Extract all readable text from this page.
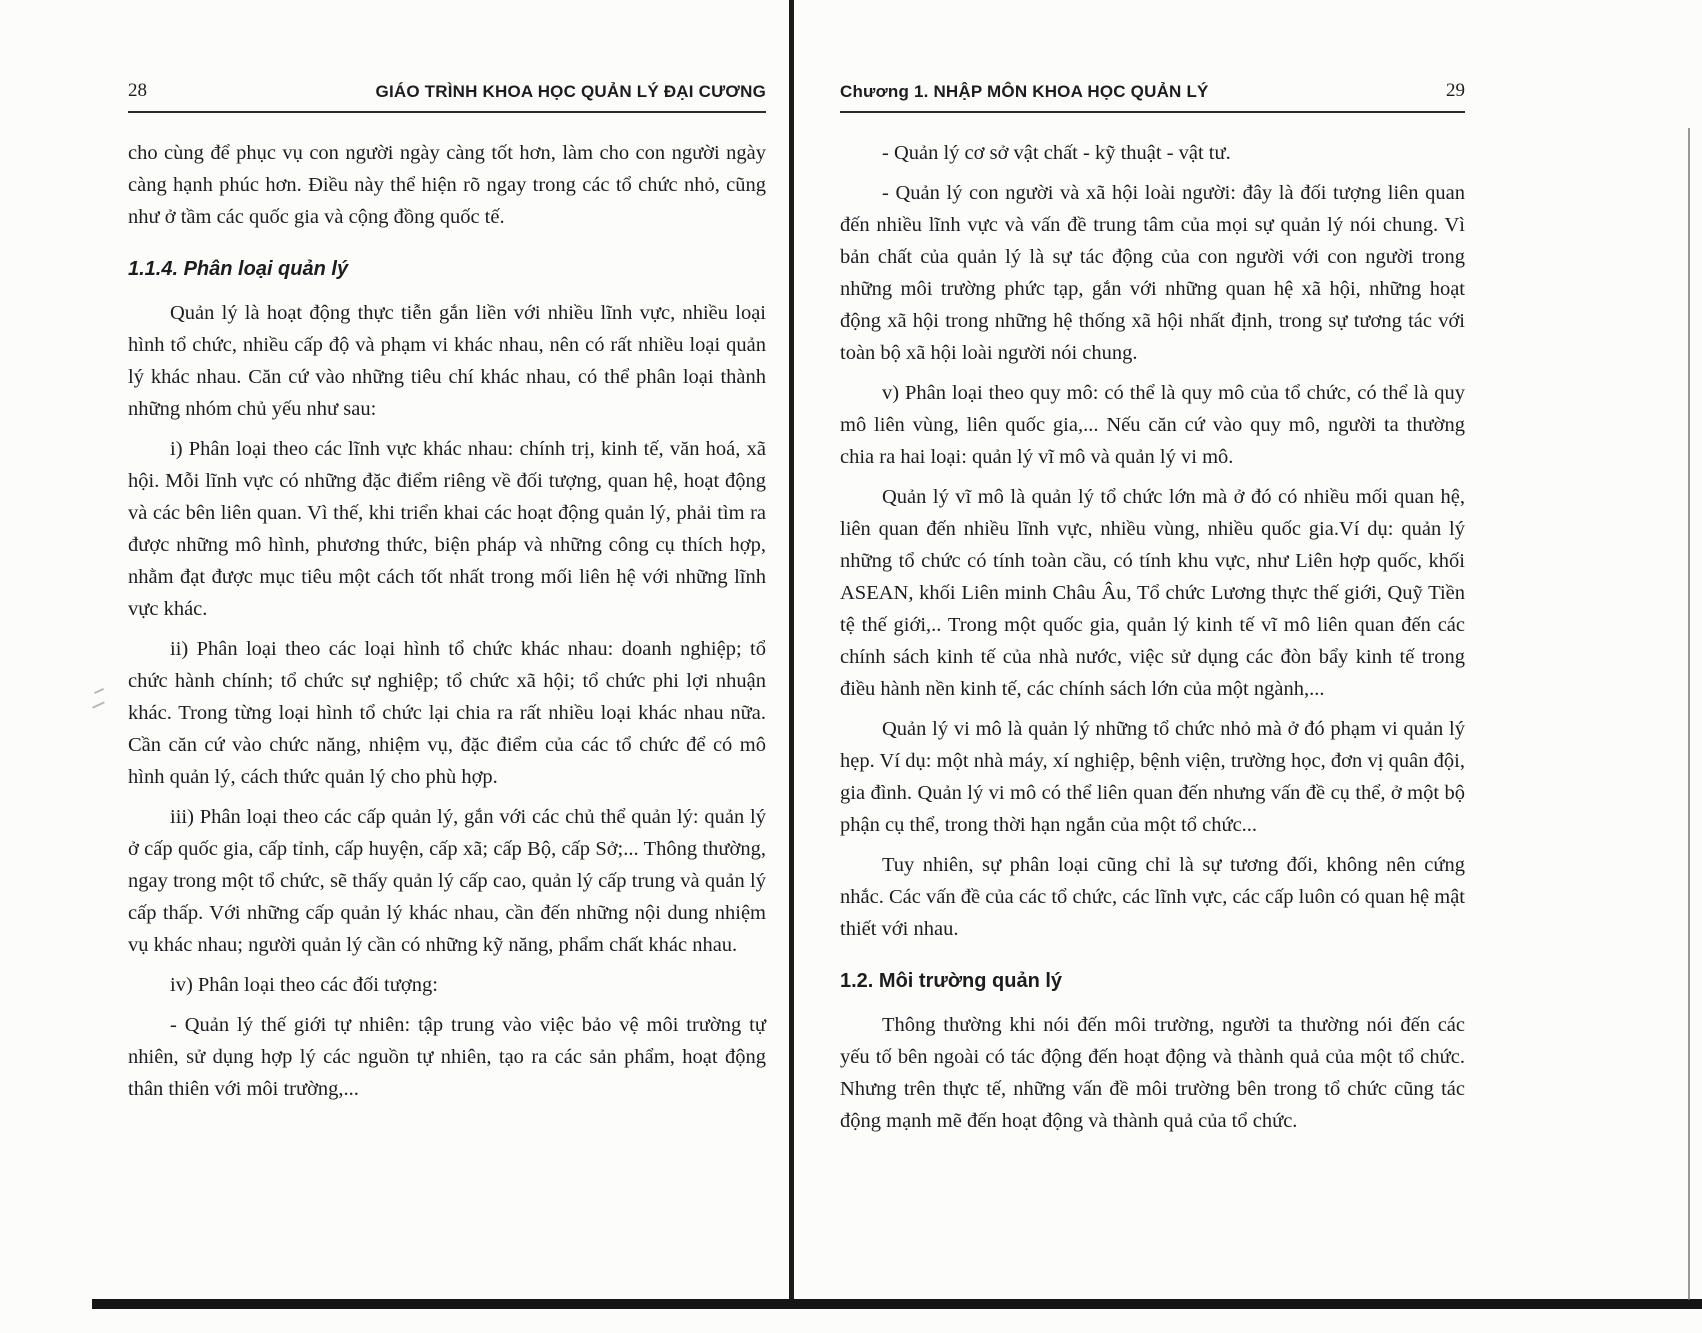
28	GIÁO TRÌNH KHOA HỌC QUẢN LÝ ĐẠI CƯƠNG

cho cùng để phục vụ con người ngày càng tốt hơn, làm cho con người ngày càng hạnh phúc hơn. Điều này thể hiện rõ ngay trong các tổ chức nhỏ, cũng như ở tầm các quốc gia và cộng đồng quốc tế.

1.1.4. Phân loại quản lý

Quản lý là hoạt động thực tiễn gắn liền với nhiều lĩnh vực, nhiều loại hình tổ chức, nhiều cấp độ và phạm vi khác nhau, nên có rất nhiều loại quản lý khác nhau. Căn cứ vào những tiêu chí khác nhau, có thể phân loại thành những nhóm chủ yếu như sau:

i) Phân loại theo các lĩnh vực khác nhau: chính trị, kinh tế, văn hoá, xã hội. Mỗi lĩnh vực có những đặc điểm riêng về đối tượng, quan hệ, hoạt động và các bên liên quan. Vì thế, khi triển khai các hoạt động quản lý, phải tìm ra được những mô hình, phương thức, biện pháp và những công cụ thích hợp, nhằm đạt được mục tiêu một cách tốt nhất trong mối liên hệ với những lĩnh vực khác.

ii) Phân loại theo các loại hình tổ chức khác nhau: doanh nghiệp; tổ chức hành chính; tổ chức sự nghiệp; tổ chức xã hội; tổ chức phi lợi nhuận khác. Trong từng loại hình tổ chức lại chia ra rất nhiều loại khác nhau nữa. Cần căn cứ vào chức năng, nhiệm vụ, đặc điểm của các tổ chức để có mô hình quản lý, cách thức quản lý cho phù hợp.

iii) Phân loại theo các cấp quản lý, gắn với các chủ thể quản lý: quản lý ở cấp quốc gia, cấp tỉnh, cấp huyện, cấp xã; cấp Bộ, cấp Sở;... Thông thường, ngay trong một tổ chức, sẽ thấy quản lý cấp cao, quản lý cấp trung và quản lý cấp thấp. Với những cấp quản lý khác nhau, cần đến những nội dung nhiệm vụ khác nhau; người quản lý cần có những kỹ năng, phẩm chất khác nhau.

iv) Phân loại theo các đối tượng:

- Quản lý thế giới tự nhiên: tập trung vào việc bảo vệ môi trường tự nhiên, sử dụng hợp lý các nguồn tự nhiên, tạo ra các sản phẩm, hoạt động thân thiên với môi trường,...

Chương 1. NHẬP MÔN KHOA HỌC QUẢN LÝ	29

- Quản lý cơ sở vật chất - kỹ thuật - vật tư.

- Quản lý con người và xã hội loài người: đây là đối tượng liên quan đến nhiều lĩnh vực và vấn đề trung tâm của mọi sự quản lý nói chung. Vì bản chất của quản lý là sự tác động của con người với con người trong những môi trường phức tạp, gắn với những quan hệ xã hội, những hoạt động xã hội trong những hệ thống xã hội nhất định, trong sự tương tác với toàn bộ xã hội loài người nói chung.

v) Phân loại theo quy mô: có thể là quy mô của tổ chức, có thể là quy mô liên vùng, liên quốc gia,... Nếu căn cứ vào quy mô, người ta thường chia ra hai loại: quản lý vĩ mô và quản lý vi mô.

Quản lý vĩ mô là quản lý tổ chức lớn mà ở đó có nhiều mối quan hệ, liên quan đến nhiều lĩnh vực, nhiều vùng, nhiều quốc gia.Ví dụ: quản lý những tổ chức có tính toàn cầu, có tính khu vực, như Liên hợp quốc, khối ASEAN, khối Liên minh Châu Âu, Tổ chức Lương thực thế giới, Quỹ Tiền tệ thế giới,.. Trong một quốc gia, quản lý kinh tế vĩ mô liên quan đến các chính sách kinh tế của nhà nước, việc sử dụng các đòn bẩy kinh tế trong điều hành nền kinh tế, các chính sách lớn của một ngành,...

Quản lý vi mô là quản lý những tổ chức nhỏ mà ở đó phạm vi quản lý hẹp. Ví dụ: một nhà máy, xí nghiệp, bệnh viện, trường học, đơn vị quân đội, gia đình. Quản lý vi mô có thể liên quan đến nhưng vấn đề cụ thể, ở một bộ phận cụ thể, trong thời hạn ngắn của một tổ chức...

Tuy nhiên, sự phân loại cũng chỉ là sự tương đối, không nên cứng nhắc. Các vấn đề của các tổ chức, các lĩnh vực, các cấp luôn có quan hệ mật thiết với nhau.

1.2. Môi trường quản lý

Thông thường khi nói đến môi trường, người ta thường nói đến các yếu tố bên ngoài có tác động đến hoạt động và thành quả của một tổ chức. Nhưng trên thực tế, những vấn đề môi trường bên trong tổ chức cũng tác động mạnh mẽ đến hoạt động và thành quả của tổ chức.
